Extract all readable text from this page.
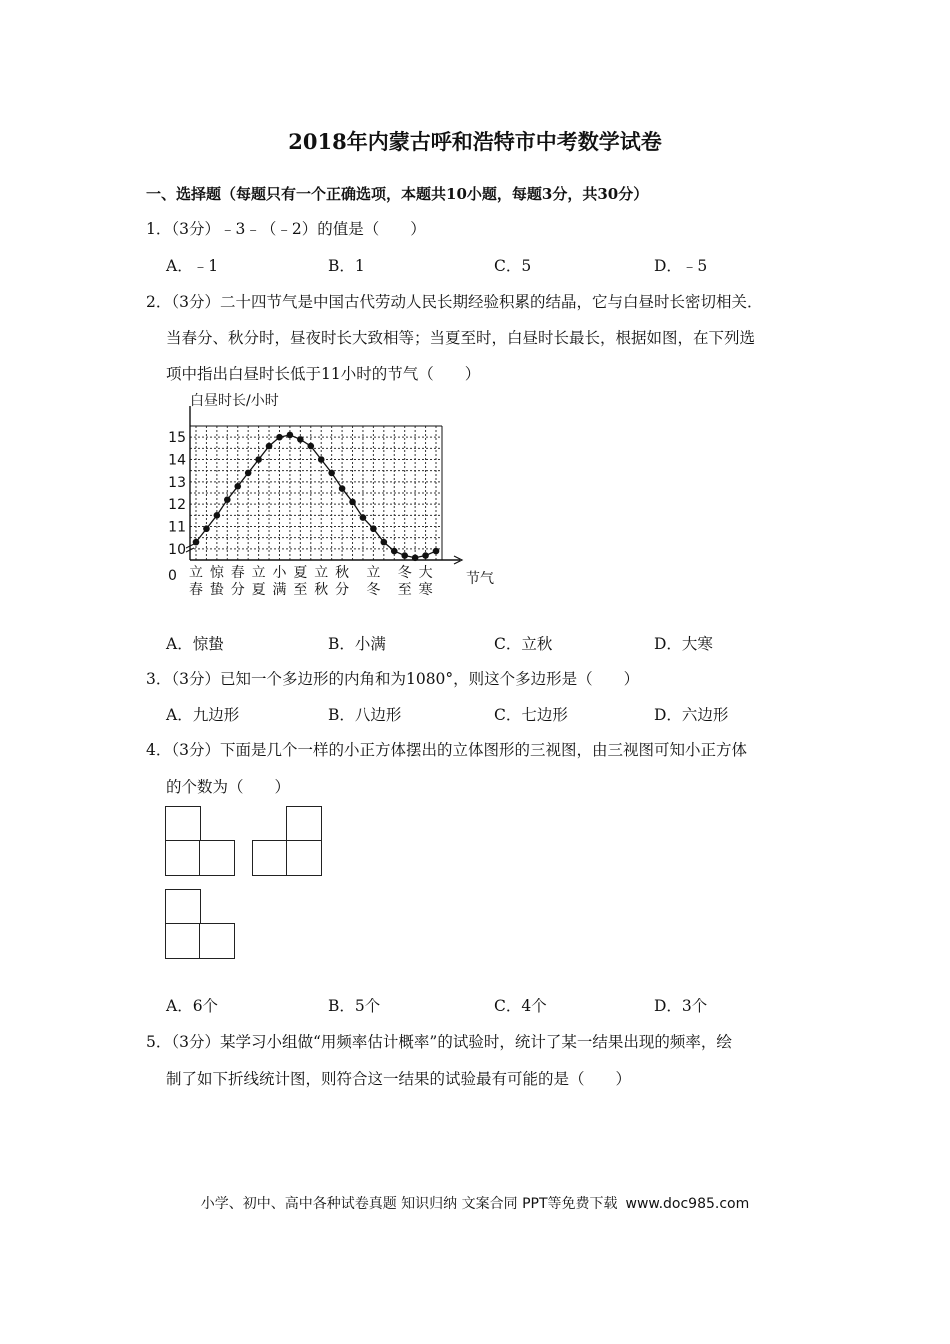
2018年内蒙古呼和浩特市中考数学试卷
一、选择题（每题只有一个正确选项，本题共10小题，每题3分，共30分）
1．（3分）﹣3﹣（﹣2）的值是（　　）
A．﹣1	B．1	C．5	D．﹣5
2．（3分）二十四节气是中国古代劳动人民长期经验积累的结晶，它与白昼时长密切相关．
当春分、秋分时，昼夜时长大致相等；当夏至时，白昼时长最长，根据如图，在下列选
项中指出白昼时长低于11小时的节气（　　）
10
11
12
13
14
15
立
春
惊
蛰
春
分
立
夏
小
满
夏
至
立
秋
秋
分
立
冬
冬
至
大
寒
白昼时长/小时
节气
0
A．惊蛰	B．小满	C．立秋	D．大寒
3．（3分）已知一个多边形的内角和为1080°，则这个多边形是（　　）
A．九边形	B．八边形	C．七边形	D．六边形
4．（3分）下面是几个一样的小正方体摆出的立体图形的三视图，由三视图可知小正方体
的个数为（　　）
A．6个	B．5个	C．4个	D．3个
5．（3分）某学习小组做“用频率估计概率”的试验时，统计了某一结果出现的频率，绘
制了如下折线统计图，则符合这一结果的试验最有可能的是（　　）
小学、初中、高中各种试卷真题 知识归纳 文案合同 PPT等免费下载 www.doc985.com
